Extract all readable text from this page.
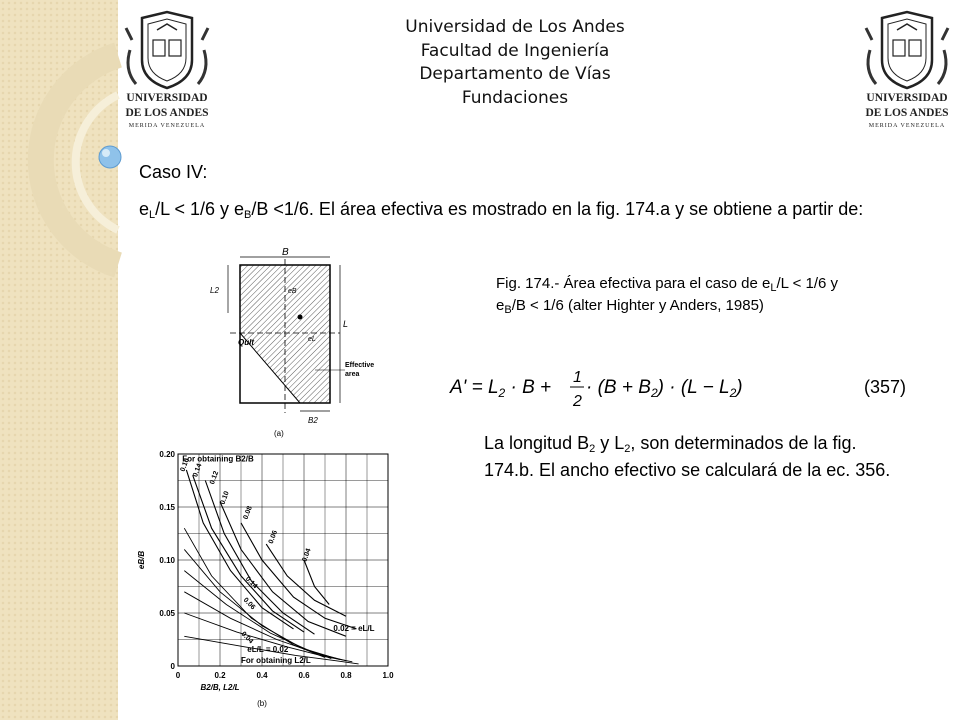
UNIVERSIDAD
DE LOS ANDES
MERIDA VENEZUELA
UNIVERSIDAD
DE LOS ANDES
MERIDA VENEZUELA
Universidad de Los Andes
Facultad de Ingeniería
Departamento de Vías
Fundaciones
Caso IV:
$e_L/L < 1/6$ y $e_B/B <1/6$. El área efectiva es mostrado en la fig. 174.a y se obtiene a partir de:
B
L2
L
eB
eL
Qult
Effective
area
B2
(a)
0	0.2	0.4	0.6	0.8	1.0
0
0.05
0.10
0.15
0.20
0.16 0.14 0.12
0.10
0.08
0.06
0.04
0.14
0.06
0.04
For obtaining B2/B
For obtaining L2/L
0.02 = eL/L
eL/L = 0.02
eB/B
B2/B, L2/L
(b)
Fig. 174.- Área efectiva para el caso de $e_L/L < 1/6$ y $e_B/B < 1/6$ (alter Highter y Anders, 1985)
$A' = L_2 \cdot B + 1$
2
· $(B + B_2) \cdot (L - L_2)$	(357)
La longitud $B_2$ y $L_2$, son determinados de la fig. 174.b. El ancho efectivo se calculará de la ec. 356.
